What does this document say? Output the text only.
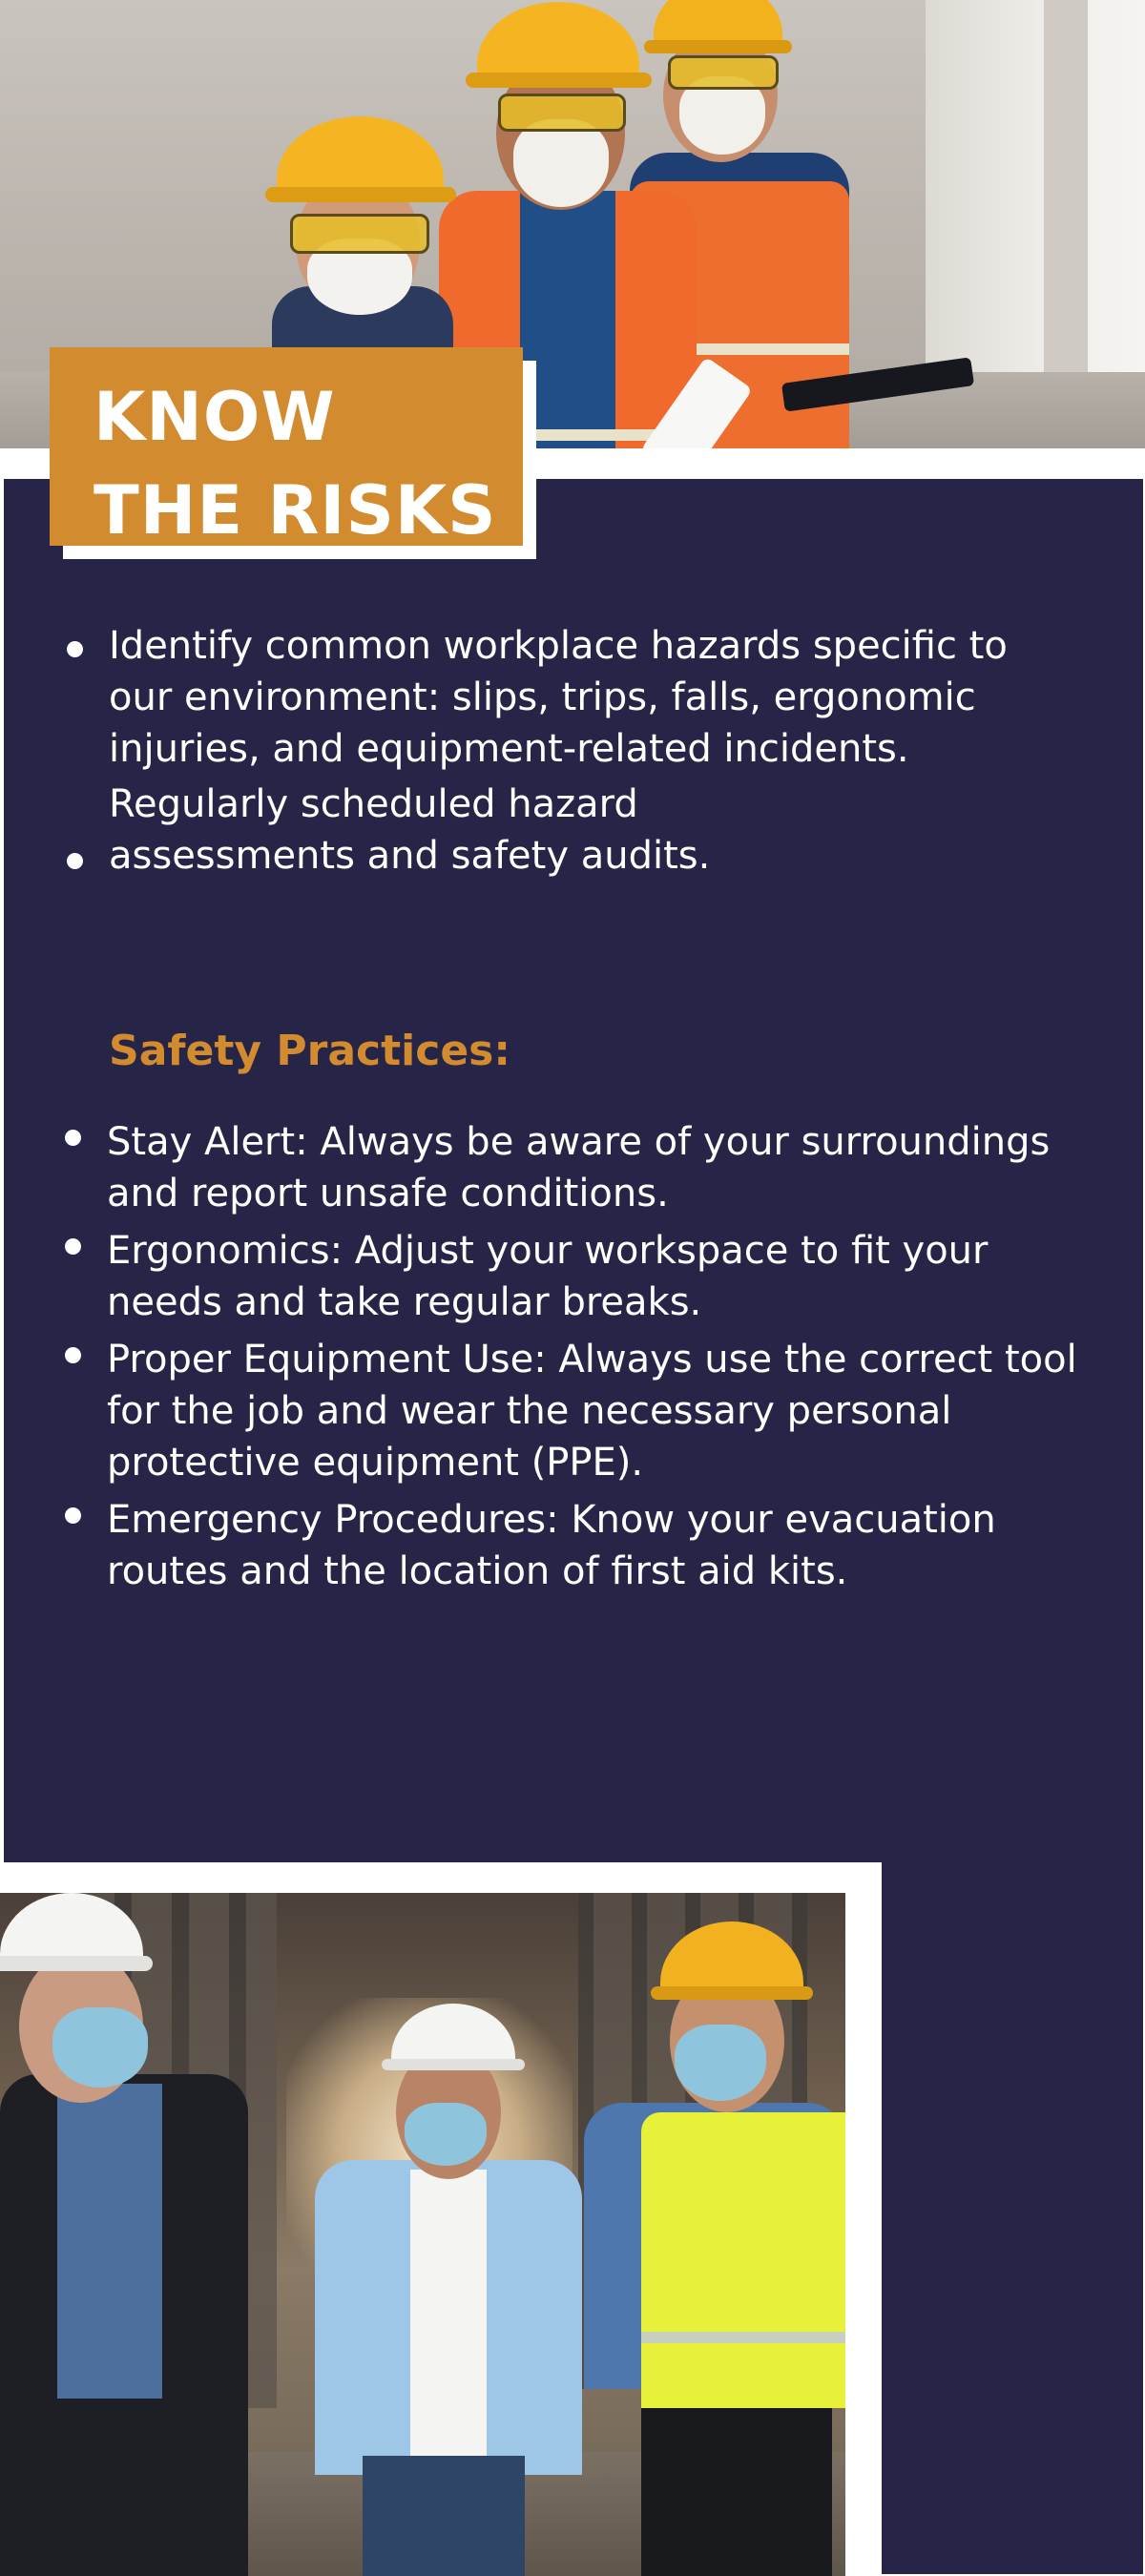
KNOW
THE RISKS
Identify common workplace hazards specific to our environment: slips, trips, falls, ergonomic injuries, and equipment-related incidents.
Regularly scheduled hazard assessments and safety audits.
Safety Practices:
Stay Alert: Always be aware of your surroundings and report unsafe conditions.
Ergonomics: Adjust your workspace to fit your needs and take regular breaks.
Proper Equipment Use: Always use the correct tool for the job and wear the necessary personal protective equipment (PPE).
Emergency Procedures: Know your evacuation routes and the location of first aid kits.
